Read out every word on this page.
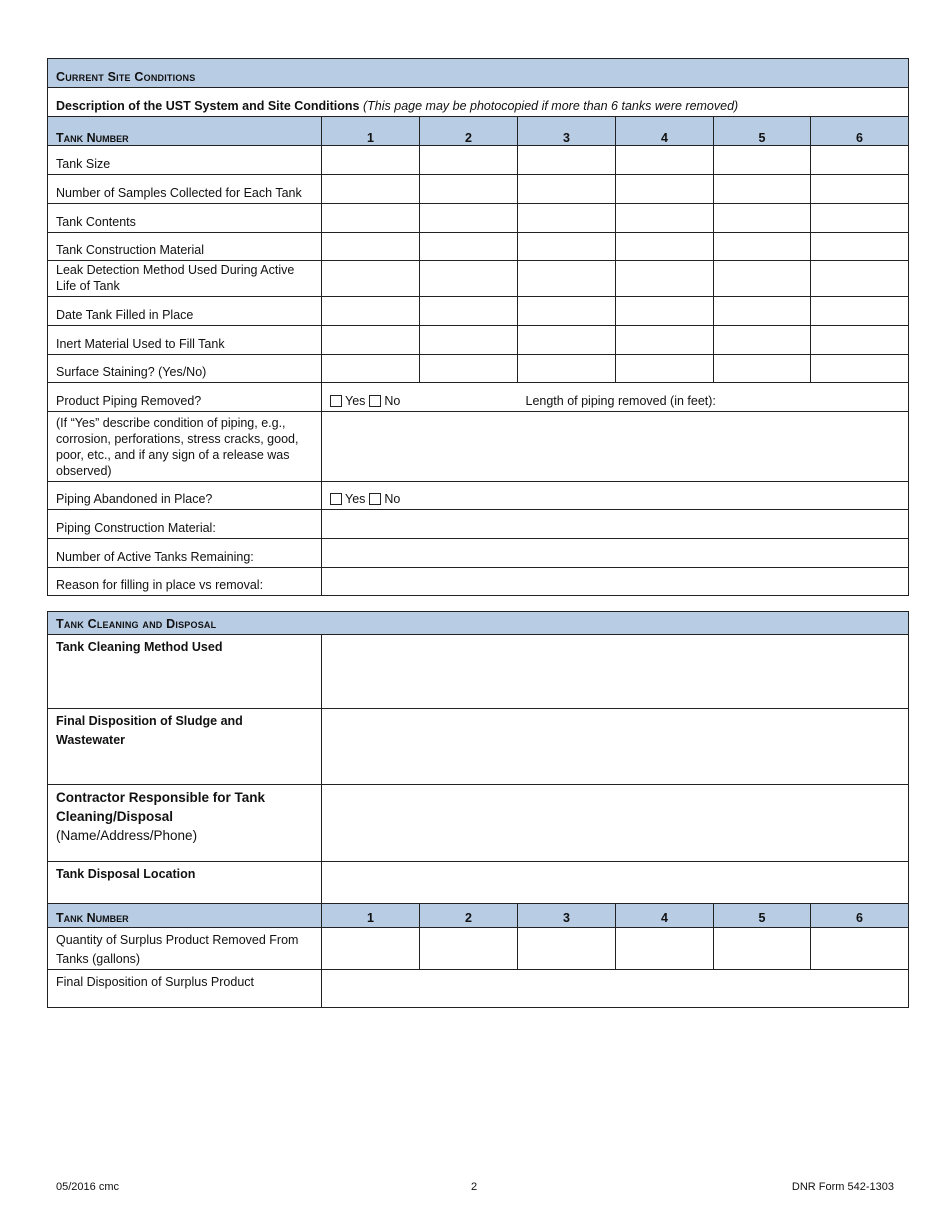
Current Site Conditions						
Description of the UST System and Site Conditions (This page may be photocopied if more than 6 tanks were removed)						
Tank Number	1	2	3	4	5	6
Tank Size						
Number of Samples Collected for Each Tank						
Tank Contents						
Tank Construction Material						
Leak Detection Method Used During Active Life of Tank						
Date Tank Filled in Place						
Inert Material Used to Fill Tank						
Surface Staining? (Yes/No)						
Product Piping Removed?	Yes No		Length of piping removed (in feet):			
(If “Yes” describe condition of piping, e.g., corrosion, perforations, stress cracks, good, poor, etc., and if any sign of a release was observed)						
Piping Abandoned in Place?	Yes No					
Piping Construction Material:						
Number of Active Tanks Remaining:						
Reason for filling in place vs removal:						
Tank Cleaning and Disposal						
Tank Cleaning Method Used						
Final Disposition of Sludge and Wastewater						

Contractor Responsible for Tank Cleaning/Disposal
(Name/Address/Phone)						

Tank Disposal Location						
Tank Number	1	2	3	4	5	6
Quantity of Surplus Product Removed From Tanks (gallons)						
Final Disposition of Surplus Product						
05/2016 cmc	2	DNR Form 542-1303
